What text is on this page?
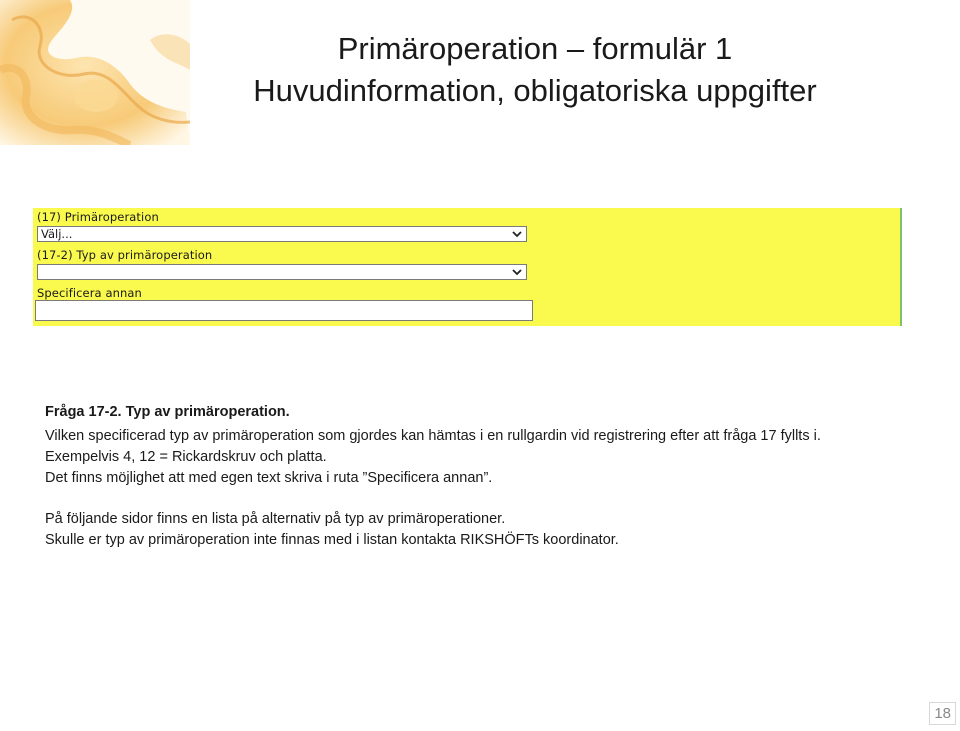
Primäroperation – formulär 1
Huvudinformation, obligatoriska uppgifter
(17) Primäroperation
Välj...
(17-2) Typ av primäroperation
Specificera annan
Fråga 17-2. Typ av primäroperation.
Vilken specificerad typ av primäroperation som gjordes kan hämtas i en rullgardin vid registrering efter att fråga 17 fyllts i.
Exempelvis 4, 12 = Rickardskruv och platta.
Det finns möjlighet att med egen text skriva i ruta ”Specificera annan”.
På följande sidor finns en lista på alternativ på typ av primäroperationer.
Skulle er typ av primäroperation inte finnas med i listan kontakta RIKSHÖFTs koordinator.
18
